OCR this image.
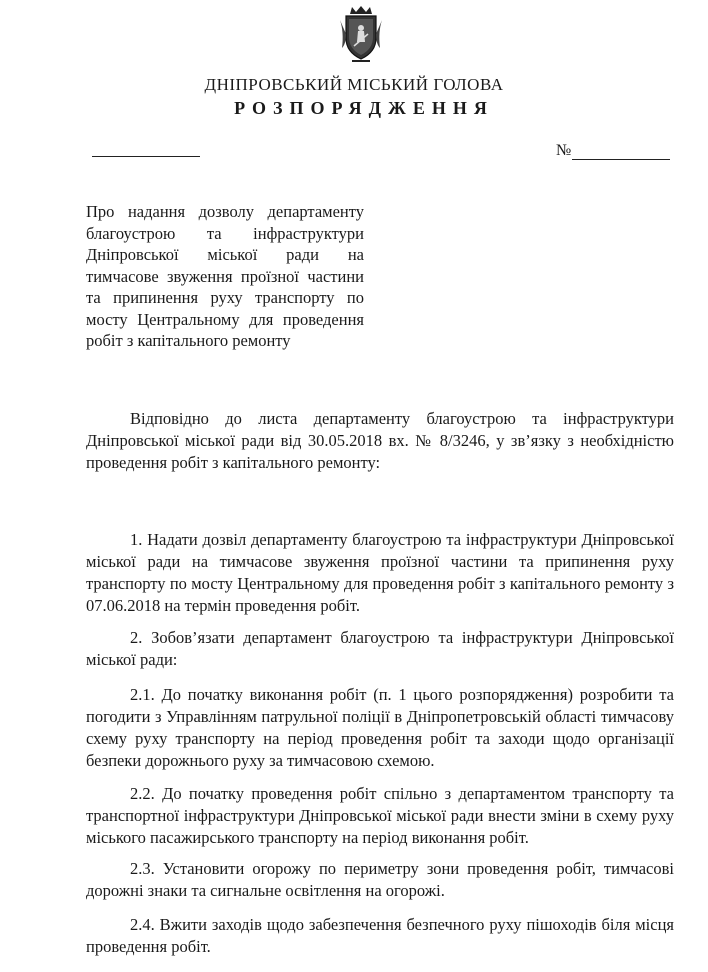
ДНІПРОВСЬКИЙ МІСЬКИЙ ГОЛОВА
РОЗПОРЯДЖЕННЯ
№
Про надання дозволу департаменту благоустрою та інфраструктури Дніпровської міської ради на тимчасове звуження проїзної частини та припинення руху транспорту по мосту Центральному для проведення робіт з капітального ремонту
Відповідно до листа департаменту благоустрою та інфраструктури Дніпровської міської ради від 30.05.2018 вх. № 8/3246, у зв’язку з необхідністю проведення робіт з капітального ремонту:
1. Надати дозвіл департаменту благоустрою та інфраструктури Дніпровської міської ради на тимчасове звуження проїзної частини та припинення руху транспорту по мосту Центральному для проведення робіт з капітального ремонту з 07.06.2018 на термін проведення робіт.
2. Зобов’язати департамент благоустрою та інфраструктури Дніпровської міської ради:
2.1. До початку виконання робіт (п. 1 цього розпорядження) розробити та погодити з Управлінням патрульної поліції в Дніпропетровській області тимчасову схему руху транспорту на період проведення робіт та заходи щодо організації безпеки дорожнього руху за тимчасовою схемою.
2.2. До початку проведення робіт спільно з департаментом транспорту та транспортної інфраструктури Дніпровської міської ради внести зміни в схему руху міського пасажирського транспорту на період виконання робіт.
2.3. Установити огорожу по периметру зони проведення робіт, тимчасові дорожні знаки та сигнальне освітлення на огорожі.
2.4. Вжити заходів щодо забезпечення безпечного руху пішоходів біля місця проведення робіт.
